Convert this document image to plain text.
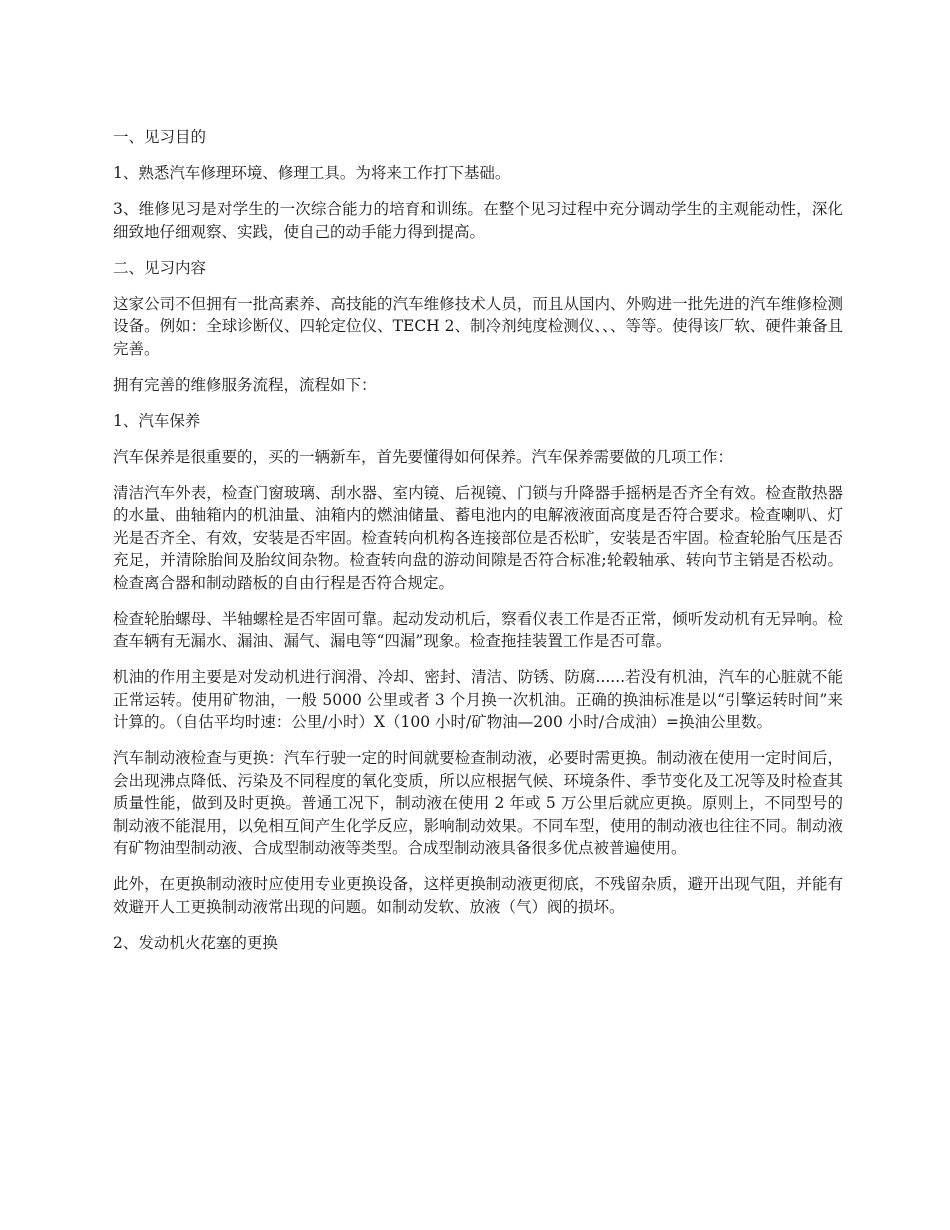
一、见习目的

1、熟悉汽车修理环境、修理工具。为将来工作打下基础。

3、维修见习是对学生的一次综合能力的培育和训练。在整个见习过程中充分调动学生的主观能动性，深化细致地仔细观察、实践，使自己的动手能力得到提高。

二、见习内容

这家公司不但拥有一批高素养、高技能的汽车维修技术人员，而且从国内、外购进一批先进的汽车维修检测设备。例如：全球诊断仪、四轮定位仪、TECH 2、制冷剂纯度检测仪、、、等等。使得该厂软、硬件兼备且完善。

拥有完善的维修服务流程，流程如下：

1、汽车保养

汽车保养是很重要的，买的一辆新车，首先要懂得如何保养。汽车保养需要做的几项工作：

清洁汽车外表，检查门窗玻璃、刮水器、室内镜、后视镜、门锁与升降器手摇柄是否齐全有效。检查散热器的水量、曲轴箱内的机油量、油箱内的燃油储量、蓄电池内的电解液液面高度是否符合要求。检查喇叭、灯光是否齐全、有效，安装是否牢固。检查转向机构各连接部位是否松旷，安装是否牢固。检查轮胎气压是否充足，并清除胎间及胎纹间杂物。检查转向盘的游动间隙是否符合标准;轮毂轴承、转向节主销是否松动。检查离合器和制动踏板的自由行程是否符合规定。

检查轮胎螺母、半轴螺栓是否牢固可靠。起动发动机后，察看仪表工作是否正常，倾听发动机有无异响。检查车辆有无漏水、漏油、漏气、漏电等“四漏”现象。检查拖挂装置工作是否可靠。

机油的作用主要是对发动机进行润滑、冷却、密封、清洁、防锈、防腐......若没有机油，汽车的心脏就不能正常运转。使用矿物油，一般 5000 公里或者 3 个月换一次机油。正确的换油标准是以“引擎运转时间”来计算的。（自估平均时速：公里/小时）X（100 小时/矿物油—200 小时/合成油）=换油公里数。

汽车制动液检查与更换：汽车行驶一定的时间就要检查制动液，必要时需更换。制动液在使用一定时间后，会出现沸点降低、污染及不同程度的氧化变质，所以应根据气候、环境条件、季节变化及工况等及时检查其质量性能，做到及时更换。普通工况下，制动液在使用 2 年或 5 万公里后就应更换。原则上，不同型号的制动液不能混用，以免相互间产生化学反应，影响制动效果。不同车型，使用的制动液也往往不同。制动液有矿物油型制动液、合成型制动液等类型。合成型制动液具备很多优点被普遍使用。

此外，在更换制动液时应使用专业更换设备，这样更换制动液更彻底，不残留杂质，避开出现气阻，并能有效避开人工更换制动液常出现的问题。如制动发软、放液（气）阀的损坏。

2、发动机火花塞的更换
